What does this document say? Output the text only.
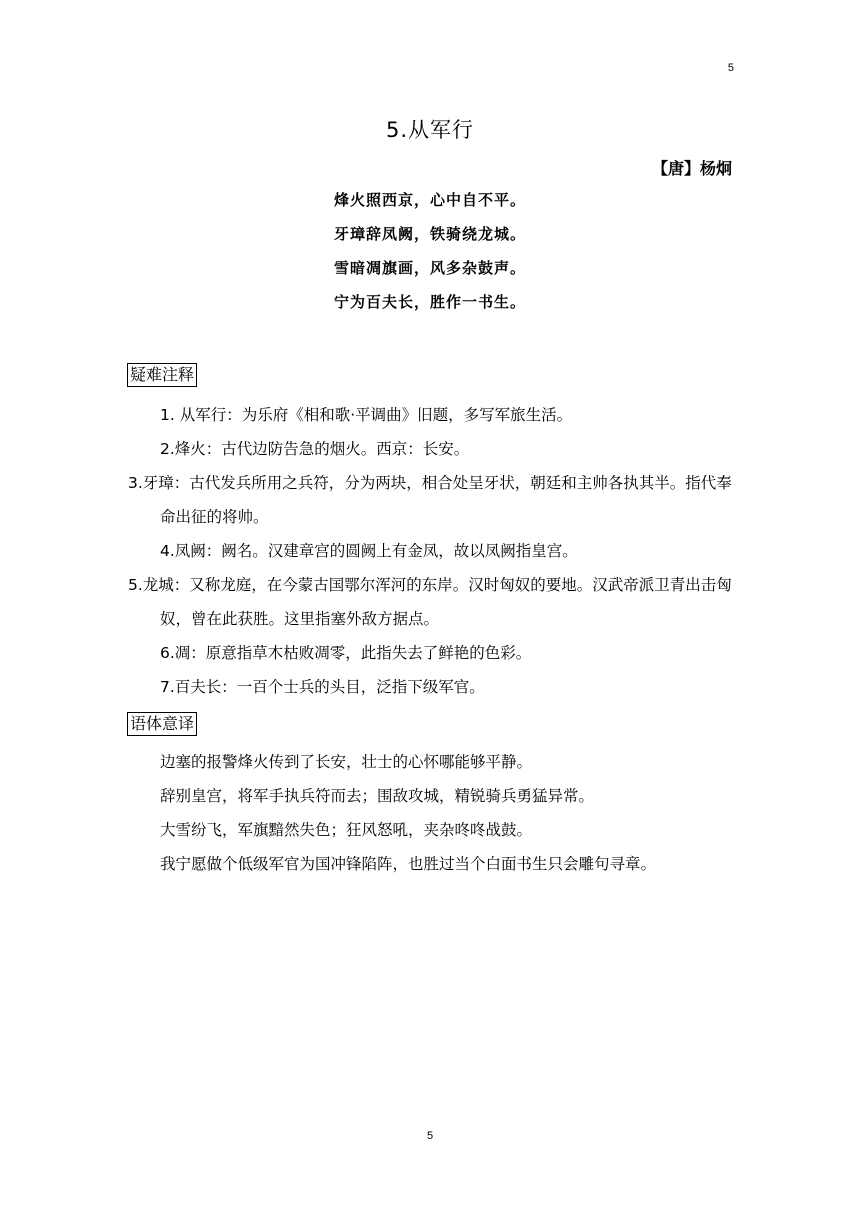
5
5.从军行
【唐】杨炯
烽火照西京，心中自不平。
牙璋辞凤阙，铁骑绕龙城。
雪暗凋旗画，风多杂鼓声。
宁为百夫长，胜作一书生。
疑难注释

1. 从军行：为乐府《相和歌·平调曲》旧题，多写军旅生活。

2.烽火：古代边防告急的烟火。西京：长安。

3.牙璋：古代发兵所用之兵符，分为两块，相合处呈牙状，朝廷和主帅各执其半。指代奉命出征的将帅。

4.凤阙：阙名。汉建章宫的圆阙上有金凤，故以凤阙指皇宫。

5.龙城：又称龙庭，在今蒙古国鄂尔浑河的东岸。汉时匈奴的要地。汉武帝派卫青出击匈奴，曾在此获胜。这里指塞外敌方据点。

6.凋：原意指草木枯败凋零，此指失去了鲜艳的色彩。

7.百夫长：一百个士兵的头目，泛指下级军官。

语体意译
边塞的报警烽火传到了长安，壮士的心怀哪能够平静。
辞别皇宫，将军手执兵符而去；围敌攻城，精锐骑兵勇猛异常。
大雪纷飞，军旗黯然失色；狂风怒吼，夹杂咚咚战鼓。
我宁愿做个低级军官为国冲锋陷阵，也胜过当个白面书生只会雕句寻章。
5
